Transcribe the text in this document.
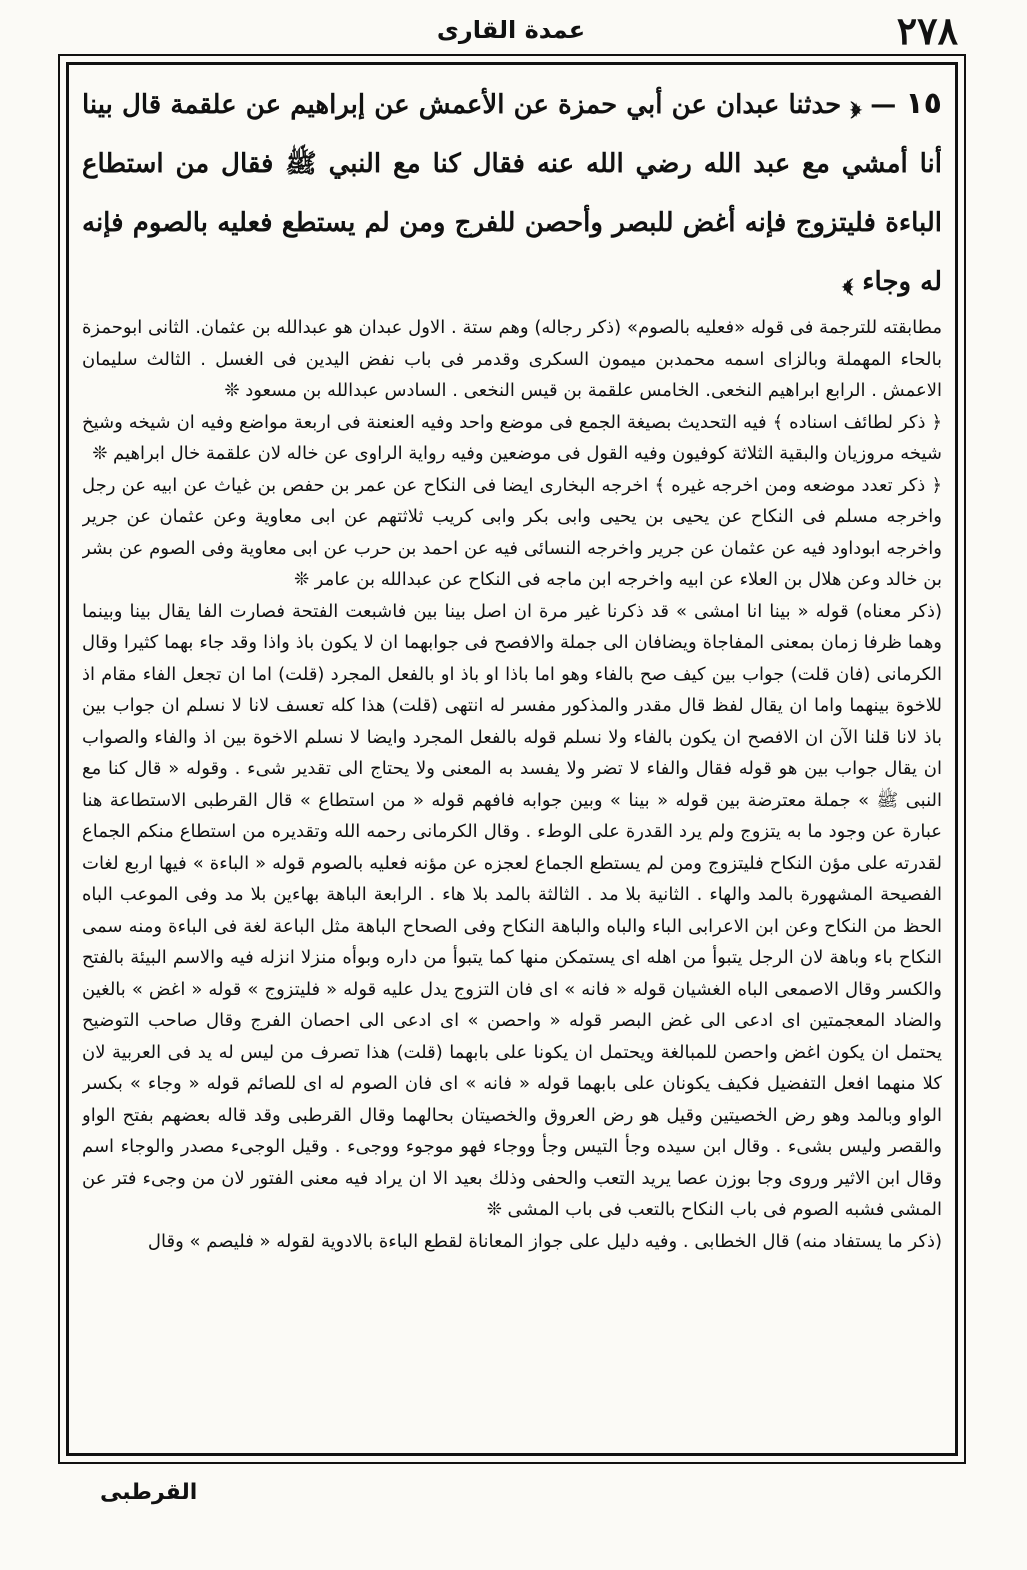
٢٧٨
عمدة القاری

١٥ — ﴿ حدثنا عبدان عن أبي حمزة عن الأعمش عن إبراهيم عن علقمة قال بينا أنا أمشي مع عبد الله رضي الله عنه فقال كنا مع النبي ﷺ فقال من استطاع الباءة فليتزوج فإنه أغض للبصر وأحصن للفرج ومن لم يستطع فعليه بالصوم فإنه له وجاء ﴾

مطابقته للترجمة فی قوله «فعليه بالصوم» (ذكر رجاله) وهم ستة . الاول عبدان هو عبدالله بن عثمان. الثانی ابوحمزة بالحاء المهملة وبالزای اسمه محمدبن ميمون السكری وقدمر فی باب نفض اليدين فی الغسل . الثالث سليمان الاعمش . الرابع ابراهيم النخعی. الخامس علقمة بن قيس النخعی . السادس عبدالله بن مسعود ❊

﴿ ذكر لطائف اسناده ﴾ فيه التحديث بصيغة الجمع فی موضع واحد وفيه العنعنة فی اربعة مواضع وفيه ان شيخه وشيخ شيخه مروزيان والبقية الثلاثة كوفيون وفيه القول فی موضعين وفيه رواية الراوی عن خاله لان علقمة خال ابراهيم ❊

﴿ ذكر تعدد موضعه ومن اخرجه غيره ﴾ اخرجه البخاری ايضا فی النكاح عن عمر بن حفص بن غياث عن ابيه عن رجل واخرجه مسلم فی النكاح عن يحيی بن يحيی وابی بكر وابی كريب ثلاثتهم عن ابی معاوية وعن عثمان عن جرير واخرجه ابوداود فيه عن عثمان عن جرير واخرجه النسائی فيه عن احمد بن حرب عن ابی معاوية وفی الصوم عن بشر بن خالد وعن هلال بن العلاء عن ابيه واخرجه ابن ماجه فی النكاح عن عبدالله بن عامر ❊

(ذكر معناه) قوله « بينا انا امشی » قد ذكرنا غير مرة ان اصل بينا بين فاشبعت الفتحة فصارت الفا يقال بينا وبينما وهما ظرفا زمان بمعنی المفاجاة ويضافان الی جملة والافصح فی جوابهما ان لا يكون باذ واذا وقد جاء بهما كثيرا وقال الكرمانی (فان قلت) جواب بين كيف صح بالفاء وهو اما باذا او باذ او بالفعل المجرد (قلت) اما ان تجعل الفاء مقام اذ للاخوة بينهما واما ان يقال لفظ قال مقدر والمذكور مفسر له انتهی (قلت) هذا كله تعسف لانا لا نسلم ان جواب بين باذ لانا قلنا الآن ان الافصح ان يكون بالفاء ولا نسلم قوله بالفعل المجرد وايضا لا نسلم الاخوة بين اذ والفاء والصواب ان يقال جواب بين هو قوله فقال والفاء لا تضر ولا يفسد به المعنی ولا يحتاج الی تقدير شیء . وقوله « قال كنا مع النبی ﷺ » جملة معترضة بين قوله « بينا » وبين جوابه فافهم قوله « من استطاع » قال القرطبی الاستطاعة هنا عبارة عن وجود ما به يتزوج ولم يرد القدرة علی الوطء . وقال الكرمانی رحمه الله وتقديره من استطاع منكم الجماع لقدرته علی مؤن النكاح فليتزوج ومن لم يستطع الجماع لعجزه عن مؤنه فعليه بالصوم قوله « الباءة » فيها اربع لغات الفصيحة المشهورة بالمد والهاء . الثانية بلا مد . الثالثة بالمد بلا هاء . الرابعة الباهة بهاءين بلا مد وفی الموعب الباه الحظ من النكاح وعن ابن الاعرابی الباء والباه والباهة النكاح وفی الصحاح الباهة مثل الباعة لغة فی الباءة ومنه سمی النكاح باء وباهة لان الرجل يتبوأ من اهله ای يستمكن منها كما يتبوأ من داره وبوأه منزلا انزله فيه والاسم البيئة بالفتح والكسر وقال الاصمعی الباه الغشيان قوله « فانه » ای فان التزوج يدل عليه قوله « فليتزوج » قوله « اغض » بالغين والضاد المعجمتين ای ادعی الی غض البصر قوله « واحصن » ای ادعی الی احصان الفرج وقال صاحب التوضيح يحتمل ان يكون اغض واحصن للمبالغة ويحتمل ان يكونا علی بابهما (قلت) هذا تصرف من ليس له يد فی العربية لان كلا منهما افعل التفضيل فكيف يكونان علی بابهما قوله « فانه » ای فان الصوم له ای للصائم قوله « وجاء » بكسر الواو وبالمد وهو رض الخصيتين وقيل هو رض العروق والخصيتان بحالهما وقال القرطبی وقد قاله بعضهم بفتح الواو والقصر وليس بشیء . وقال ابن سيده وجأ التيس وجأ ووجاء فهو موجوء ووجیء . وقيل الوجیء مصدر والوجاء اسم وقال ابن الاثير وروی وجا بوزن عصا يريد التعب والحفی وذلك بعيد الا ان يراد فيه معنی الفتور لان من وجیء فتر عن المشی فشبه الصوم فی باب النكاح بالتعب فی باب المشی ❊

(ذكر ما يستفاد منه) قال الخطابی . وفيه دليل علی جواز المعاناة لقطع الباءة بالادوية لقوله « فليصم » وقال

القرطبی
